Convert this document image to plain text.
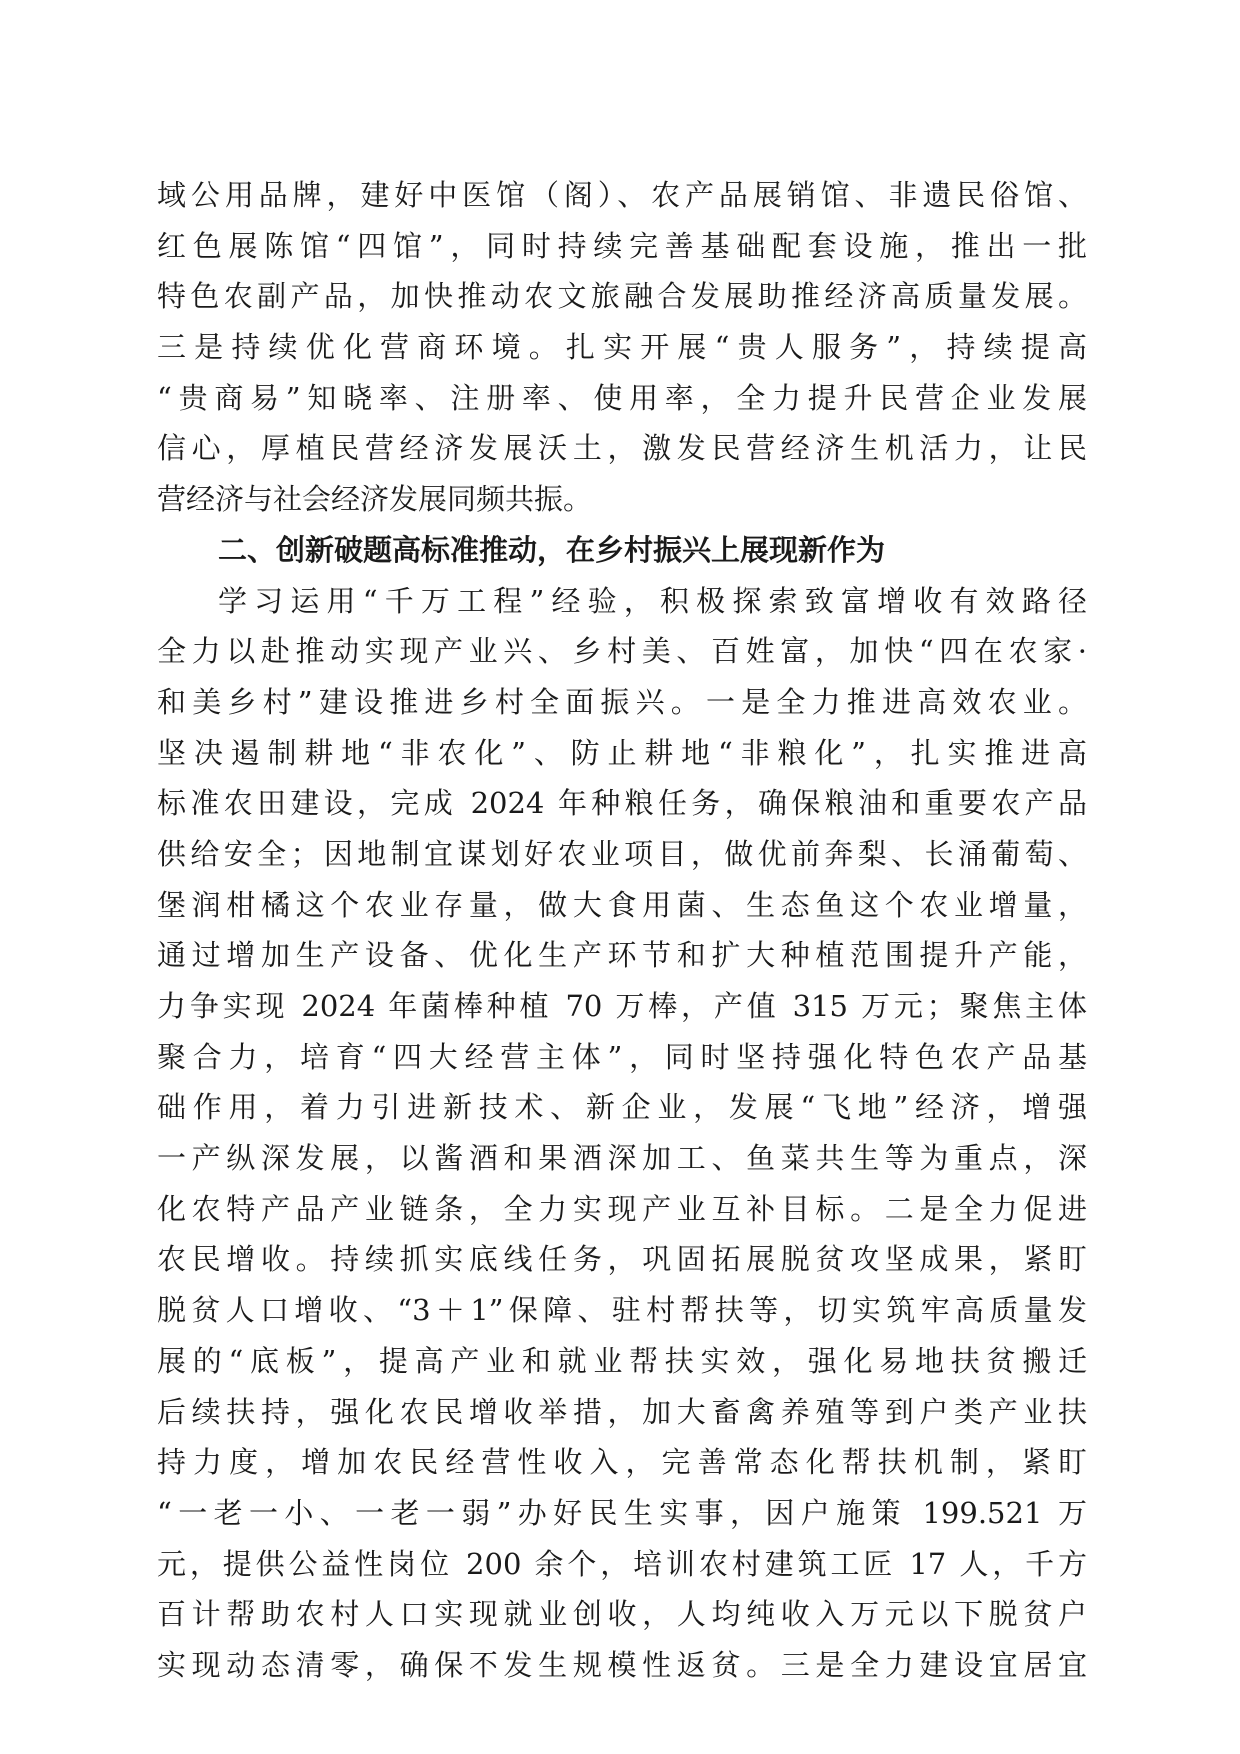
域公用品牌，建好中医馆（阁）、农产品展销馆、非遗民俗馆、

红色展陈馆“四馆”，同时持续完善基础配套设施，推出一批

特色农副产品，加快推动农文旅融合发展助推经济高质量发展。

三是持续优化营商环境。扎实开展“贵人服务”，持续提高

“贵商易”知晓率、注册率、使用率，全力提升民营企业发展

信心，厚植民营经济发展沃土，激发民营经济生机活力，让民

营经济与社会经济发展同频共振。

二、创新破题高标准推动，在乡村振兴上展现新作为

学习运用“千万工程”经验，积极探索致富增收有效路径

全力以赴推动实现产业兴、乡村美、百姓富，加快“四在农家·

和美乡村”建设推进乡村全面振兴。一是全力推进高效农业。

坚决遏制耕地“非农化”、防止耕地“非粮化”，扎实推进高

标准农田建设，完成 2024 年种粮任务，确保粮油和重要农产品

供给安全；因地制宜谋划好农业项目，做优前奔梨、长涌葡萄、

堡润柑橘这个农业存量，做大食用菌、生态鱼这个农业增量，

通过增加生产设备、优化生产环节和扩大种植范围提升产能，

力争实现 2024 年菌棒种植 70 万棒，产值 315 万元；聚焦主体

聚合力，培育“四大经营主体”，同时坚持强化特色农产品基

础作用，着力引进新技术、新企业，发展“飞地”经济，增强

一产纵深发展，以酱酒和果酒深加工、鱼菜共生等为重点，深

化农特产品产业链条，全力实现产业互补目标。二是全力促进

农民增收。持续抓实底线任务，巩固拓展脱贫攻坚成果，紧盯

脱贫人口增收、“3＋1”保障、驻村帮扶等，切实筑牢高质量发

展的“底板”，提高产业和就业帮扶实效，强化易地扶贫搬迁

后续扶持，强化农民增收举措，加大畜禽养殖等到户类产业扶

持力度，增加农民经营性收入，完善常态化帮扶机制，紧盯

“一老一小、一老一弱”办好民生实事，因户施策 199.521 万

元，提供公益性岗位 200 余个，培训农村建筑工匠 17 人，千方

百计帮助农村人口实现就业创收，人均纯收入万元以下脱贫户

实现动态清零，确保不发生规模性返贫。三是全力建设宜居宜
